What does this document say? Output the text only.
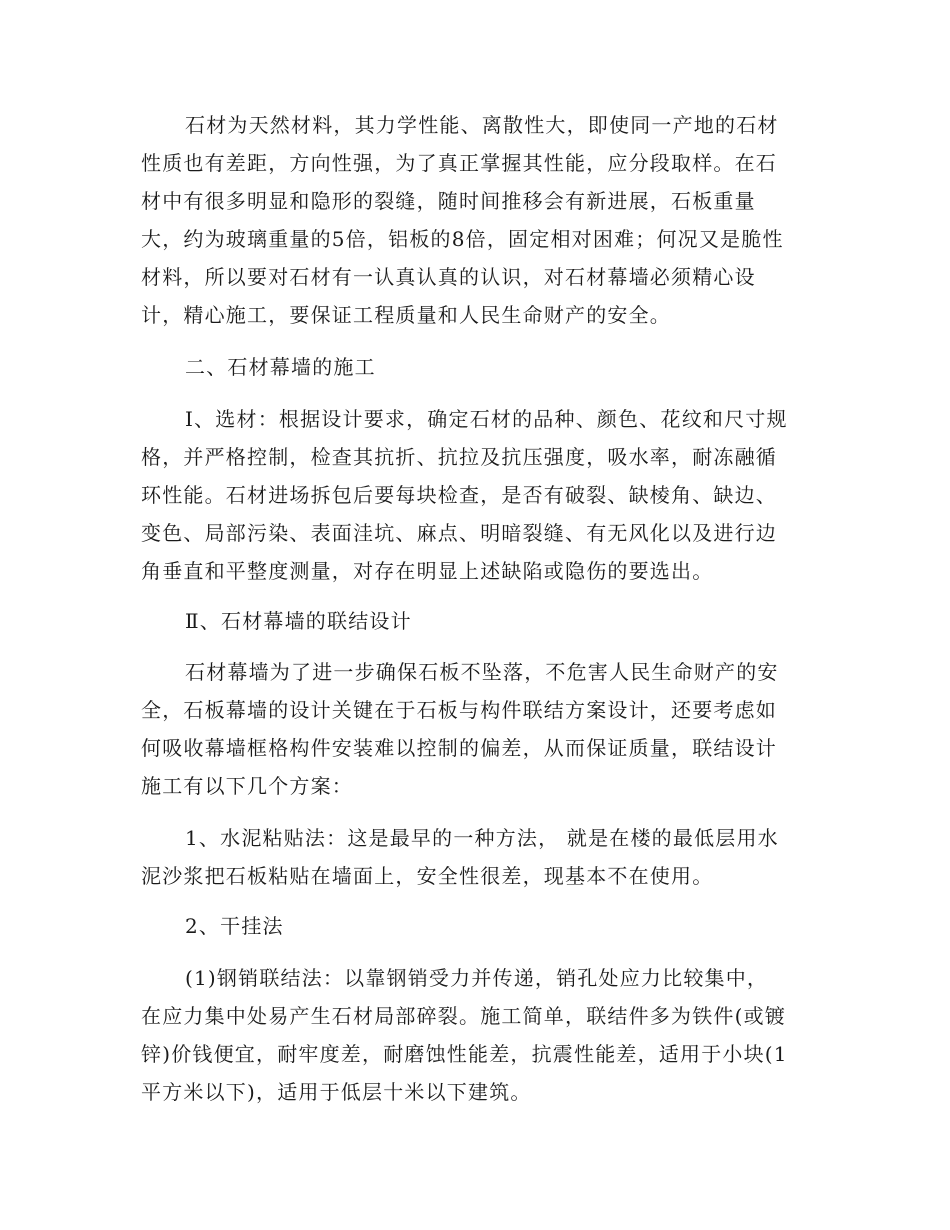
石材为天然材料，其力学性能、离散性大，即使同一产地的石材

性质也有差距，方向性强，为了真正掌握其性能，应分段取样。在石

材中有很多明显和隐形的裂缝，随时间推移会有新进展，石板重量

大，约为玻璃重量的5倍，铝板的8倍，固定相对困难；何况又是脆性

材料，所以要对石材有一认真认真的认识，对石材幕墙必须精心设

计，精心施工，要保证工程质量和人民生命财产的安全。

二、石材幕墙的施工

I、选材：根据设计要求，确定石材的品种、颜色、花纹和尺寸规

格，并严格控制，检查其抗折、抗拉及抗压强度，吸水率，耐冻融循

环性能。石材进场拆包后要每块检查，是否有破裂、缺棱角、缺边、

变色、局部污染、表面洼坑、麻点、明暗裂缝、有无风化以及进行边

角垂直和平整度测量，对存在明显上述缺陷或隐伤的要选出。

Ⅱ、石材幕墙的联结设计

石材幕墙为了进一步确保石板不坠落，不危害人民生命财产的安

全，石板幕墙的设计关键在于石板与构件联结方案设计，还要考虑如

何吸收幕墙框格构件安装难以控制的偏差，从而保证质量，联结设计

施工有以下几个方案：

1、水泥粘贴法：这是最早的一种方法， 就是在楼的最低层用水

泥沙浆把石板粘贴在墙面上，安全性很差，现基本不在使用。

2、干挂法

(1)钢销联结法：以靠钢销受力并传递，销孔处应力比较集中，

在应力集中处易产生石材局部碎裂。施工简单，联结件多为铁件(或镀

锌)价钱便宜，耐牢度差，耐磨蚀性能差，抗震性能差，适用于小块(1

平方米以下)，适用于低层十米以下建筑。
